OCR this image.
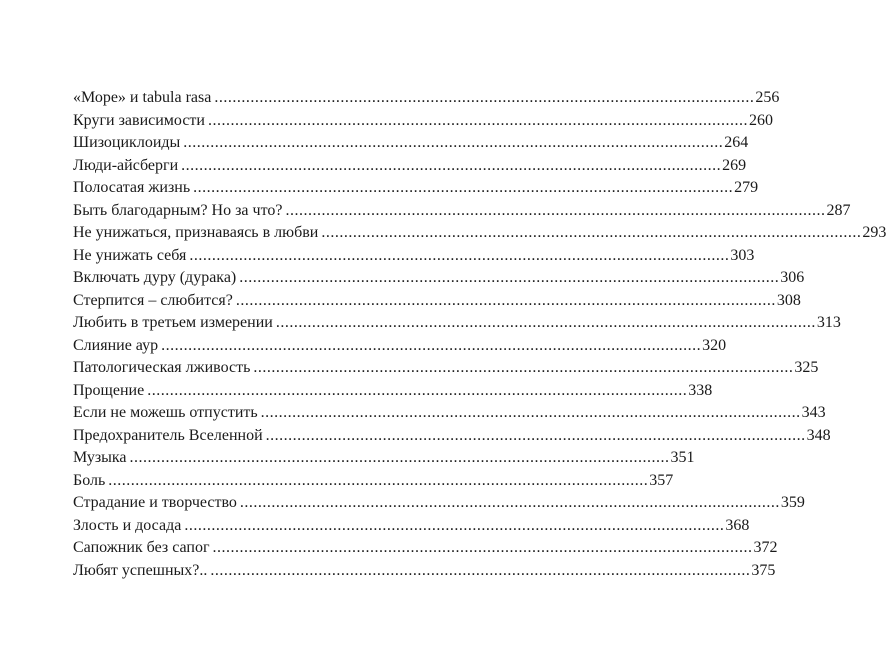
«Море» и tabula rasa ........................................................................................................................ 256
Круги зависимости ........................................................................................................................ 260
Шизоциклоиды ........................................................................................................................ 264
Люди-айсберги ........................................................................................................................ 269
Полосатая жизнь ........................................................................................................................ 279
Быть благодарным? Но за что? ........................................................................................................................ 287
Не унижаться, признаваясь в любви ........................................................................................................................ 293
Не унижать себя ........................................................................................................................ 303
Включать дуру (дурака) ........................................................................................................................ 306
Стерпится – слюбится? ........................................................................................................................ 308
Любить в третьем измерении ........................................................................................................................ 313
Слияние аур ........................................................................................................................ 320
Патологическая лживость ........................................................................................................................ 325
Прощение ........................................................................................................................ 338
Если не можешь отпустить ........................................................................................................................ 343
Предохранитель Вселенной ........................................................................................................................ 348
Музыка ........................................................................................................................ 351
Боль ........................................................................................................................ 357
Страдание и творчество ........................................................................................................................ 359
Злость и досада ........................................................................................................................ 368
Сапожник без сапог ........................................................................................................................ 372
Любят успешных?.. ........................................................................................................................ 375
